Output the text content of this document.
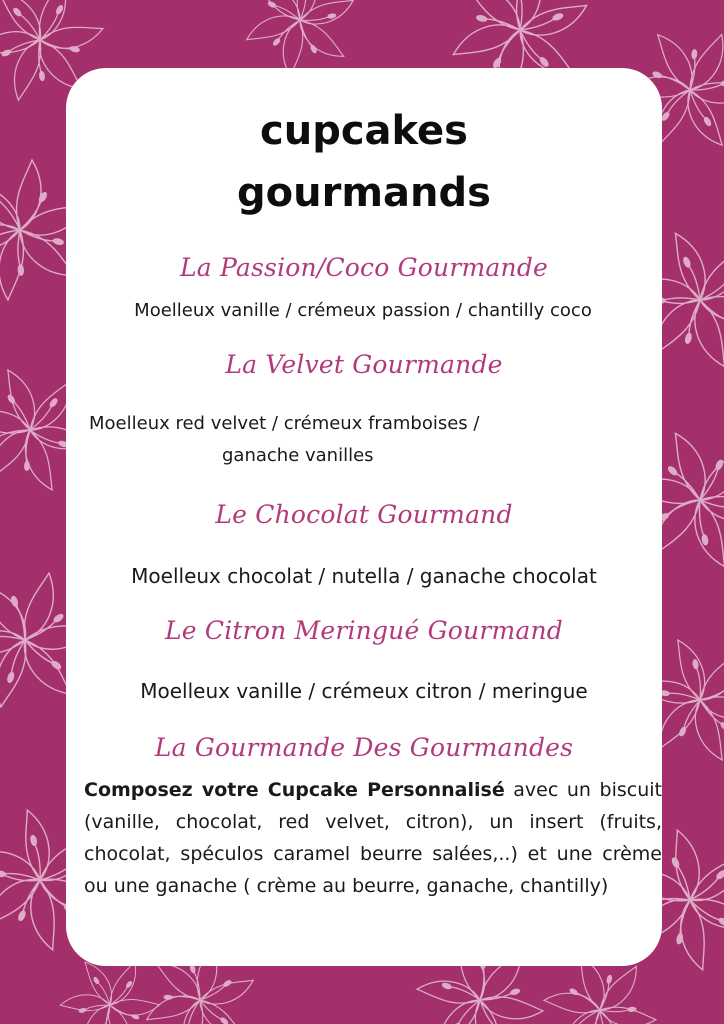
cupcakes
gourmands

La Passion/Coco Gourmande

Moelleux vanille / crémeux passion / chantilly coco

La Velvet Gourmande

Moelleux red velvet / crémeux framboises /

ganache vanilles

Le Chocolat Gourmand

Moelleux chocolat / nutella / ganache chocolat

Le Citron Meringué Gourmand

Moelleux vanille / crémeux citron / meringue

La Gourmande Des Gourmandes

Composez votre Cupcake Personnalisé avec un biscuit (vanille, chocolat, red velvet, citron), un insert (fruits, chocolat, spéculos caramel beurre salées,..) et une crème ou une ganache ( crème au beurre, ganache, chantilly)
